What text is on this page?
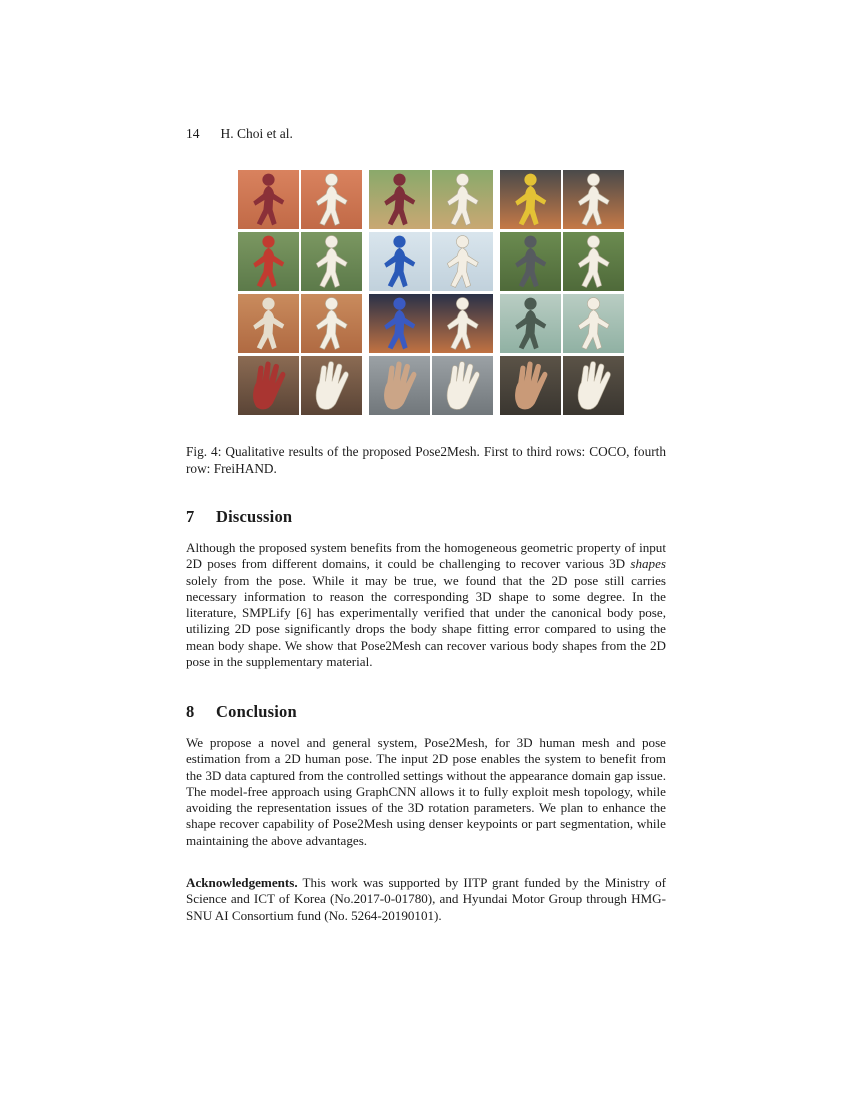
14 H. Choi et al.
Fig. 4: Qualitative results of the proposed Pose2Mesh. First to third rows: COCO, fourth row: FreiHAND.
7 Discussion
Although the proposed system benefits from the homogeneous geometric property of input 2D poses from different domains, it could be challenging to recover various 3D shapes solely from the pose. While it may be true, we found that the 2D pose still carries necessary information to reason the corresponding 3D shape to some degree. In the literature, SMPLify [6] has experimentally verified that under the canonical body pose, utilizing 2D pose significantly drops the body shape fitting error compared to using the mean body shape. We show that Pose2Mesh can recover various body shapes from the 2D pose in the supplementary material.
8 Conclusion
We propose a novel and general system, Pose2Mesh, for 3D human mesh and pose estimation from a 2D human pose. The input 2D pose enables the system to benefit from the 3D data captured from the controlled settings without the appearance domain gap issue. The model-free approach using GraphCNN allows it to fully exploit mesh topology, while avoiding the representation issues of the 3D rotation parameters. We plan to enhance the shape recover capability of Pose2Mesh using denser keypoints or part segmentation, while maintaining the above advantages.
Acknowledgements. This work was supported by IITP grant funded by the Ministry of Science and ICT of Korea (No.2017-0-01780), and Hyundai Motor Group through HMG-SNU AI Consortium fund (No. 5264-20190101).
